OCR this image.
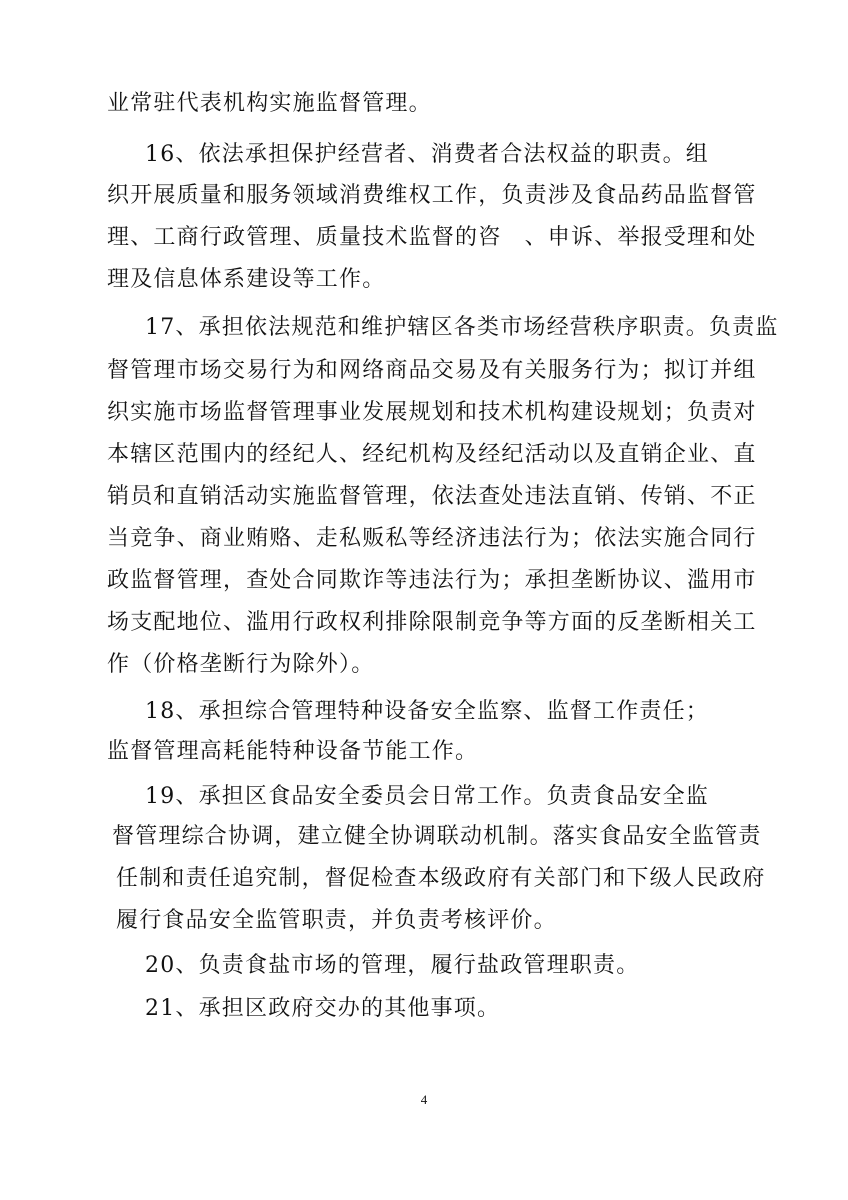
业常驻代表机构实施监督管理。
16、依法承担保护经营者、消费者合法权益的职责。组
织开展质量和服务领域消费维权工作，负责涉及食品药品监督管
理、工商行政管理、质量技术监督的咨　、申诉、举报受理和处
理及信息体系建设等工作。
17、承担依法规范和维护辖区各类市场经营秩序职责。负责监
督管理市场交易行为和网络商品交易及有关服务行为；拟订并组
织实施市场监督管理事业发展规划和技术机构建设规划；负责对
本辖区范围内的经纪人、经纪机构及经纪活动以及直销企业、直
销员和直销活动实施监督管理，依法查处违法直销、传销、不正
当竞争、商业贿赂、走私贩私等经济违法行为；依法实施合同行
政监督管理，查处合同欺诈等违法行为；承担垄断协议、滥用市
场支配地位、滥用行政权利排除限制竞争等方面的反垄断相关工
作（价格垄断行为除外）。
18、承担综合管理特种设备安全监察、监督工作责任；
监督管理高耗能特种设备节能工作。
19、承担区食品安全委员会日常工作。负责食品安全监
督管理综合协调，建立健全协调联动机制。落实食品安全监管责
任制和责任追究制，督促检查本级政府有关部门和下级人民政府
履行食品安全监管职责，并负责考核评价。
20、负责食盐市场的管理，履行盐政管理职责。
21、承担区政府交办的其他事项。
4
